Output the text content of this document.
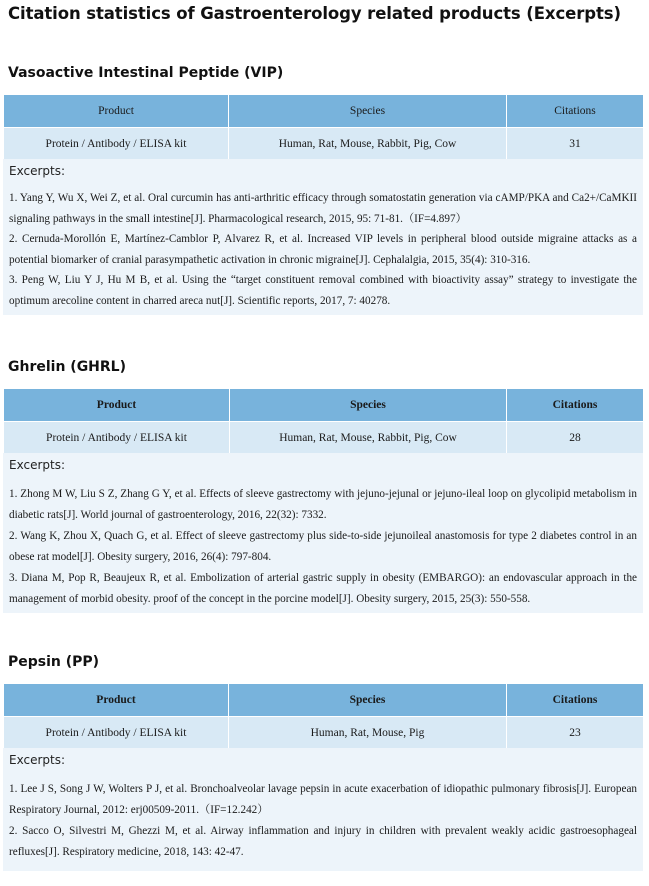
Citation statistics of Gastroenterology related products (Excerpts)
Vasoactive Intestinal Peptide (VIP)
Product	Species	Citations
Protein / Antibody / ELISA kit	Human, Rat, Mouse, Rabbit, Pig, Cow	31
Excerpts:
1. Yang Y, Wu X, Wei Z, et al. Oral curcumin has anti-arthritic efficacy through somatostatin generation via cAMP/PKA and Ca2+/CaMKII signaling pathways in the small intestine[J]. Pharmacological research, 2015, 95: 71-81.（IF=4.897）
2. Cernuda-Morollón E, Martínez-Camblor P, Alvarez R, et al. Increased VIP levels in peripheral blood outside migraine attacks as a potential biomarker of cranial parasympathetic activation in chronic migraine[J]. Cephalalgia, 2015, 35(4): 310-316.
3. Peng W, Liu Y J, Hu M B, et al. Using the “target constituent removal combined with bioactivity assay” strategy to investigate the optimum arecoline content in charred areca nut[J]. Scientific reports, 2017, 7: 40278.
Ghrelin (GHRL)
Product	Species	Citations
Protein / Antibody / ELISA kit	Human, Rat, Mouse, Rabbit, Pig, Cow	28
Excerpts:
1. Zhong M W, Liu S Z, Zhang G Y, et al. Effects of sleeve gastrectomy with jejuno-jejunal or jejuno-ileal loop on glycolipid metabolism in diabetic rats[J]. World journal of gastroenterology, 2016, 22(32): 7332.
2. Wang K, Zhou X, Quach G, et al. Effect of sleeve gastrectomy plus side-to-side jejunoileal anastomosis for type 2 diabetes control in an obese rat model[J]. Obesity surgery, 2016, 26(4): 797-804.
3. Diana M, Pop R, Beaujeux R, et al. Embolization of arterial gastric supply in obesity (EMBARGO): an endovascular approach in the management of morbid obesity. proof of the concept in the porcine model[J]. Obesity surgery, 2015, 25(3): 550-558.
Pepsin (PP)
Product	Species	Citations
Protein / Antibody / ELISA kit	Human, Rat, Mouse, Pig	23
Excerpts:
1. Lee J S, Song J W, Wolters P J, et al. Bronchoalveolar lavage pepsin in acute exacerbation of idiopathic pulmonary fibrosis[J]. European Respiratory Journal, 2012: erj00509-2011.（IF=12.242）
2. Sacco O, Silvestri M, Ghezzi M, et al. Airway inflammation and injury in children with prevalent weakly acidic gastroesophageal refluxes[J]. Respiratory medicine, 2018, 143: 42-47.
